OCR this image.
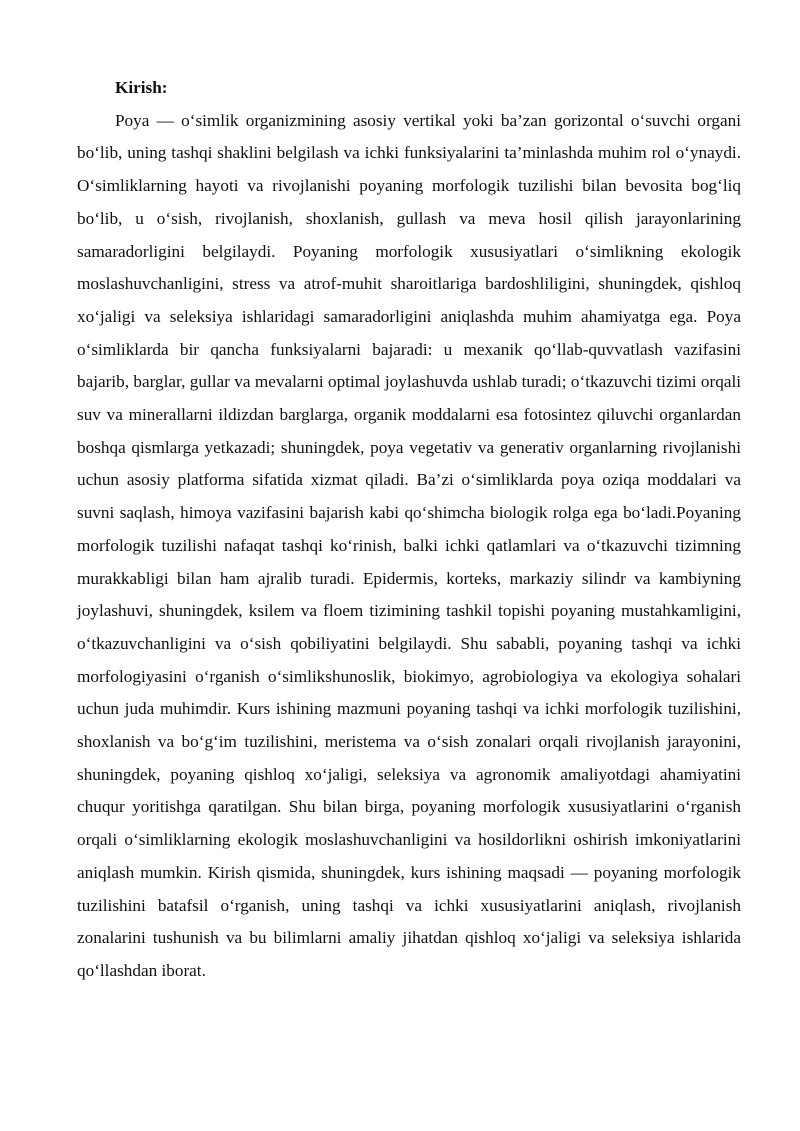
Kirish:

Poya — o‘simlik organizmining asosiy vertikal yoki ba’zan gorizontal o‘suvchi organi bo‘lib, uning tashqi shaklini belgilash va ichki funksiyalarini ta’minlashda muhim rol o‘ynaydi. O‘simliklarning hayoti va rivojlanishi poyaning morfologik tuzilishi bilan bevosita bog‘liq bo‘lib, u o‘sish, rivojlanish, shoxlanish, gullash va meva hosil qilish jarayonlarining samaradorligini belgilaydi. Poyaning morfologik xususiyatlari o‘simlikning ekologik moslashuvchanligini, stress va atrof-muhit sharoitlariga bardoshliligini, shuningdek, qishloq xo‘jaligi va seleksiya ishlaridagi samaradorligini aniqlashda muhim ahamiyatga ega. Poya o‘simliklarda bir qancha funksiyalarni bajaradi: u mexanik qo‘llab-quvvatlash vazifasini bajarib, barglar, gullar va mevalarni optimal joylashuvda ushlab turadi; o‘tkazuvchi tizimi orqali suv va minerallarni ildizdan barglarga, organik moddalarni esa fotosintez qiluvchi organlardan boshqa qismlarga yetkazadi; shuningdek, poya vegetativ va generativ organlarning rivojlanishi uchun asosiy platforma sifatida xizmat qiladi. Ba’zi o‘simliklarda poya oziqa moddalari va suvni saqlash, himoya vazifasini bajarish kabi qo‘shimcha biologik rolga ega bo‘ladi.Poyaning morfologik tuzilishi nafaqat tashqi ko‘rinish, balki ichki qatlamlari va o‘tkazuvchi tizimning murakkabligi bilan ham ajralib turadi. Epidermis, korteks, markaziy silindr va kambiyning joylashuvi, shuningdek, ksilem va floem tizimining tashkil topishi poyaning mustahkamligini, o‘tkazuvchanligini va o‘sish qobiliyatini belgilaydi. Shu sababli, poyaning tashqi va ichki morfologiyasini o‘rganish o‘simlikshunoslik, biokimyo, agrobiologiya va ekologiya sohalari uchun juda muhimdir. Kurs ishining mazmuni poyaning tashqi va ichki morfologik tuzilishini, shoxlanish va bo‘g‘im tuzilishini, meristema va o‘sish zonalari orqali rivojlanish jarayonini, shuningdek, poyaning qishloq xo‘jaligi, seleksiya va agronomik amaliyotdagi ahamiyatini chuqur yoritishga qaratilgan. Shu bilan birga, poyaning morfologik xususiyatlarini o‘rganish orqali o‘simliklarning ekologik moslashuvchanligini va hosildorlikni oshirish imkoniyatlarini aniqlash mumkin. Kirish qismida, shuningdek, kurs ishining maqsadi — poyaning morfologik tuzilishini batafsil o‘rganish, uning tashqi va ichki xususiyatlarini aniqlash, rivojlanish zonalarini tushunish va bu bilimlarni amaliy jihatdan qishloq xo‘jaligi va seleksiya ishlarida qo‘llashdan iborat.
